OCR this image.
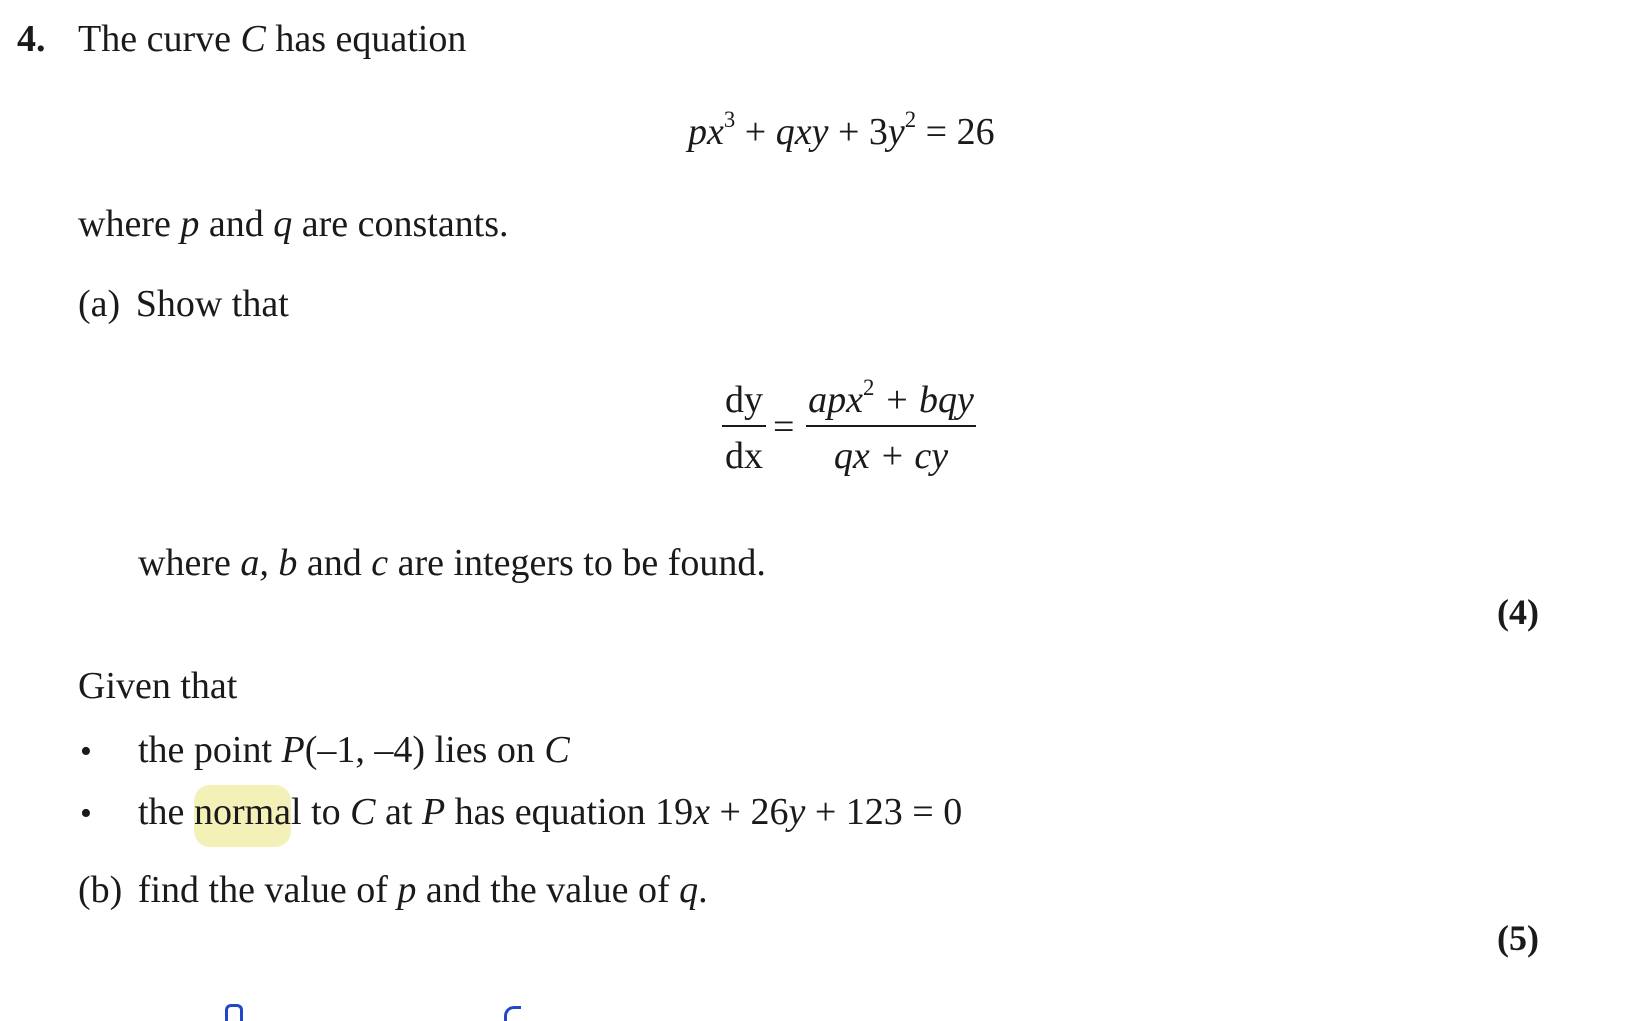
4. The curve C has equation
$px^3$ + qxy + $3y^2 = 26$
where p and q are constants.
(a) Show that
dy
dx
=
apx$^2$ + bqy
qx + cy
where a, b and c are integers to be found.
(4)
Given that
• the point P(–1, –4) lies on C
• the normal to C at P has equation 19x + 26y + 123 = 0
(b) find the value of p and the value of q.
(5)
